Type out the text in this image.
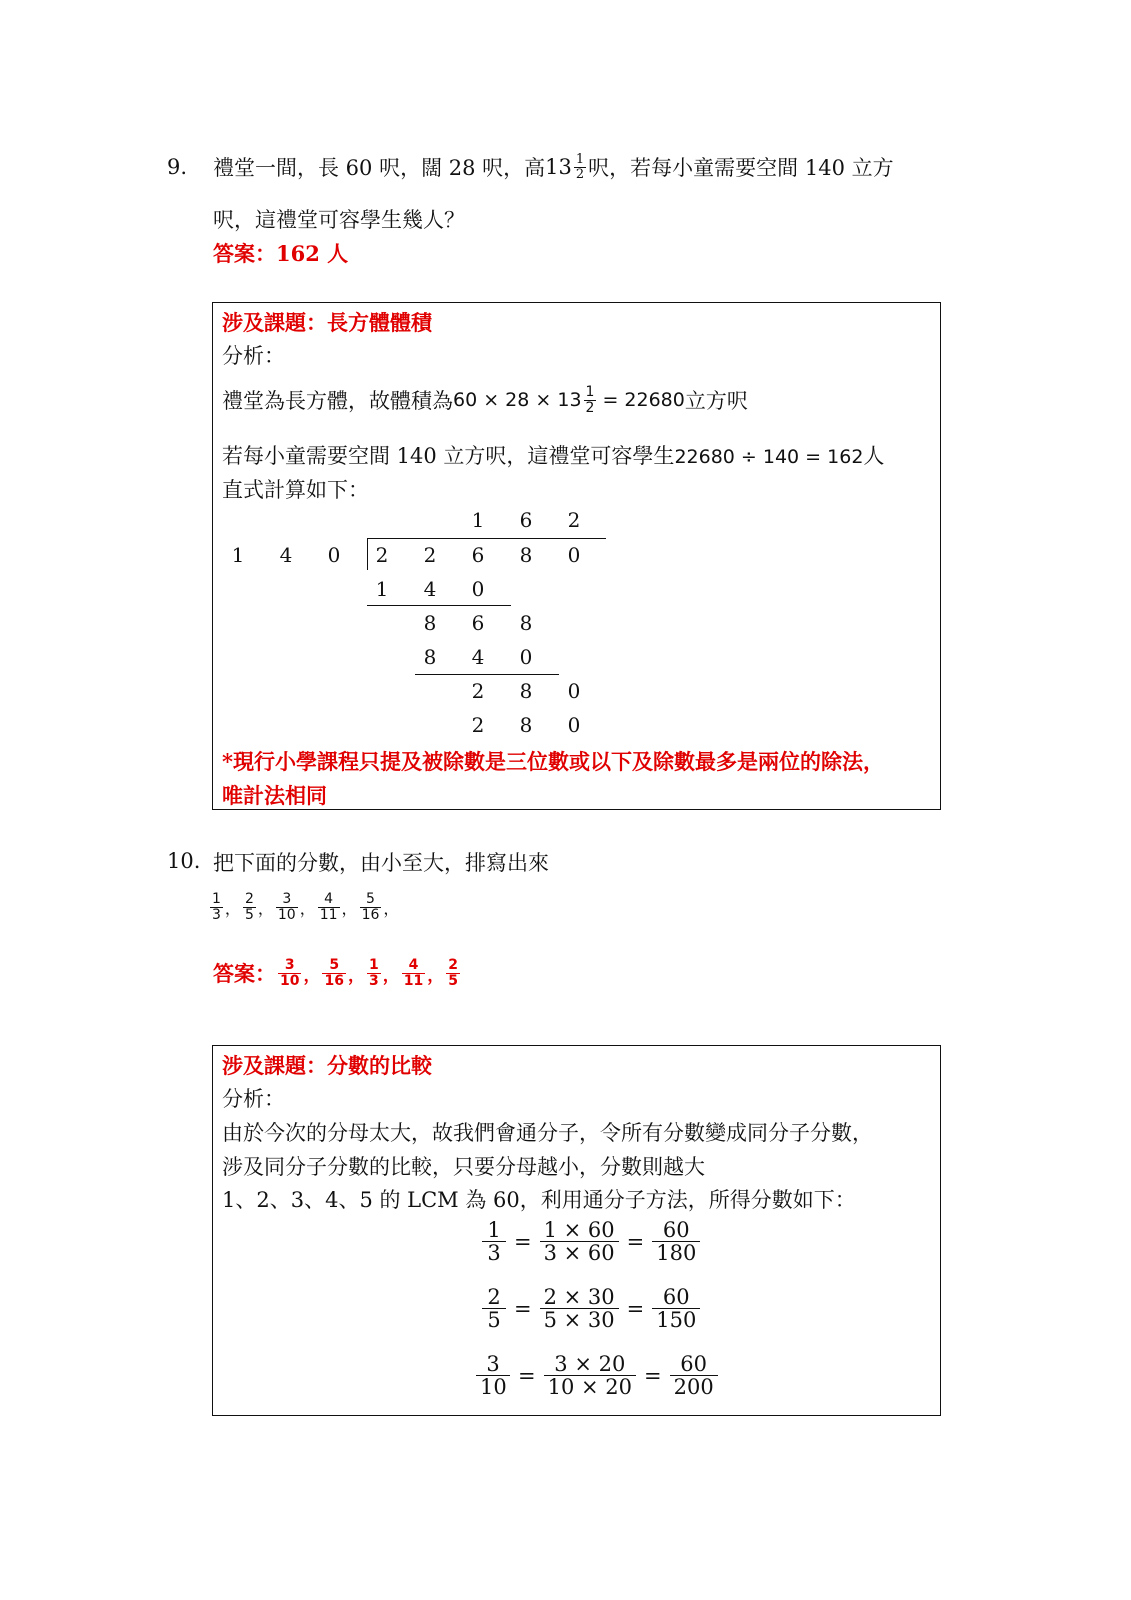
9. 禮堂一間，長 60 呎，闊 28 呎，高 $13 \frac{1}{2}$ 呎，若每小童需要空間 140 立方
呎，這禮堂可容學生幾人？
答案：162 人
涉及課題：長方體體積
分析：
禮堂為長方體，故體積為 $60 \times 28 \times 13 \frac{1}{2} = 22680$ 立方呎
若每小童需要空間 140 立方呎，這禮堂可容學生22680 ÷ 140 = 162人
直式計算如下：
1	6	2
1	4	0	2	2	6	8	0
1	4	0
8	6	8
8	4	0
2	8	0
2	8	0
*現行小學課程只提及被除數是三位數或以下及除數最多是兩位的除法，
唯計法相同
10. 把下面的分數，由小至大，排寫出來
$\frac{1}{3}$ ， $\frac{2}{5}$ ， $\frac{3}{10}$ ， $\frac{4}{11}$ ， $\frac{5}{16}$ ，
答案： $\frac{3}{10}$ ， $\frac{5}{16}$ ， $\frac{1}{3}$ ， $\frac{4}{11}$ ， $\frac{2}{5}$
涉及課題：分數的比較
分析：
由於今次的分母太大，故我們會通分子，令所有分數變成同分子分數，
涉及同分子分數的比較，只要分母越小，分數則越大
1、2、3、4、5 的 LCM 為 60，利用通分子方法，所得分數如下：
$\frac{1}{3} = \frac{1 \times 60}{3 \times 60} = \frac{60}{180}$
$\frac{2}{5} = \frac{2 \times 30}{5 \times 30} = \frac{60}{150}$
$\frac{3}{10} = \frac{3 \times 20}{10 \times 20} = \frac{60}{200}$
